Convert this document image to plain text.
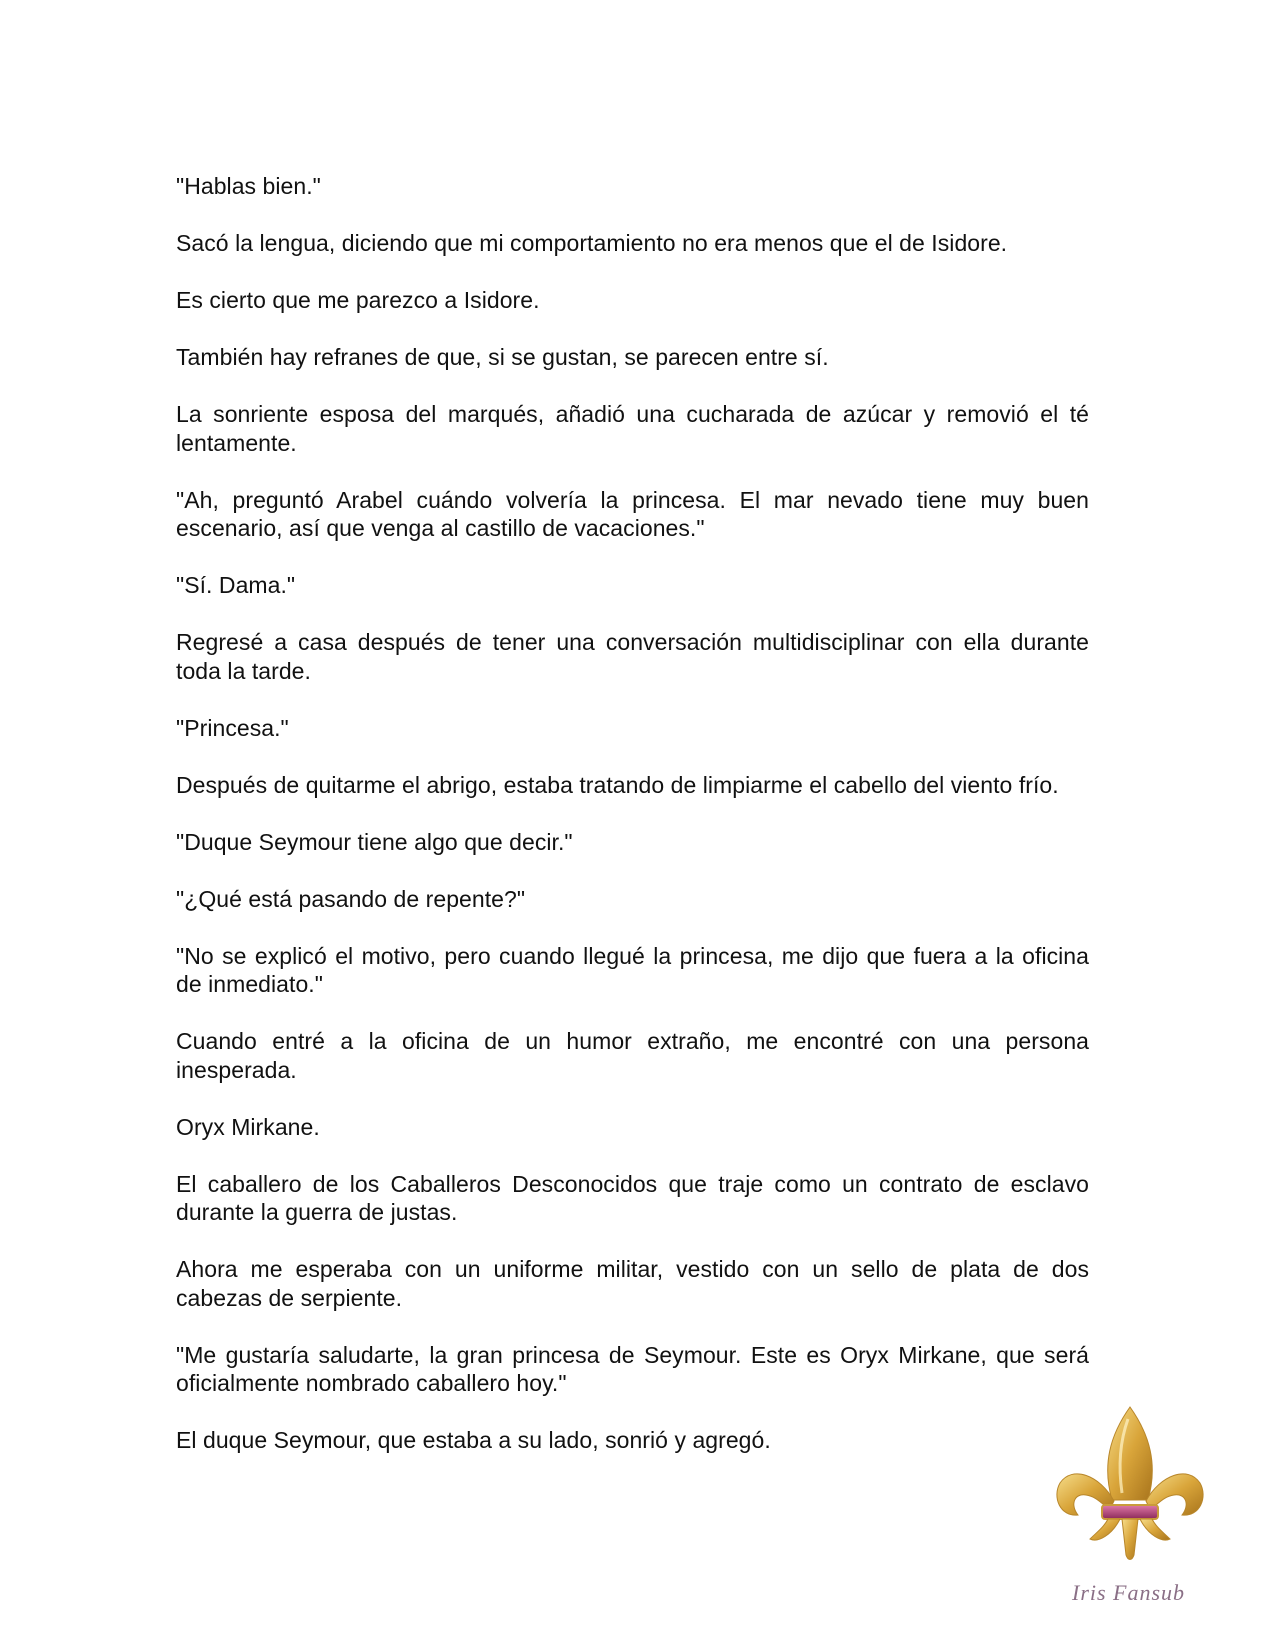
"Hablas bien."

Sacó la lengua, diciendo que mi comportamiento no era menos que el de Isidore.

Es cierto que me parezco a Isidore.

También hay refranes de que, si se gustan, se parecen entre sí.

La sonriente esposa del marqués, añadió una cucharada de azúcar y removió el té lentamente.

"Ah, preguntó Arabel cuándo volvería la princesa. El mar nevado tiene muy buen escenario, así que venga al castillo de vacaciones."

"Sí. Dama."

Regresé a casa después de tener una conversación multidisciplinar con ella durante toda la tarde.

"Princesa."

Después de quitarme el abrigo, estaba tratando de limpiarme el cabello del viento frío.

"Duque Seymour tiene algo que decir."

"¿Qué está pasando de repente?"

"No se explicó el motivo, pero cuando llegué la princesa, me dijo que fuera a la oficina de inmediato."

Cuando entré a la oficina de un humor extraño, me encontré con una persona inesperada.

Oryx Mirkane.

El caballero de los Caballeros Desconocidos que traje como un contrato de esclavo durante la guerra de justas.

Ahora me esperaba con un uniforme militar, vestido con un sello de plata de dos cabezas de serpiente.

"Me gustaría saludarte, la gran princesa de Seymour. Este es Oryx Mirkane, que será oficialmente nombrado caballero hoy."

El duque Seymour, que estaba a su lado, sonrió y agregó.

Iris Fansub
